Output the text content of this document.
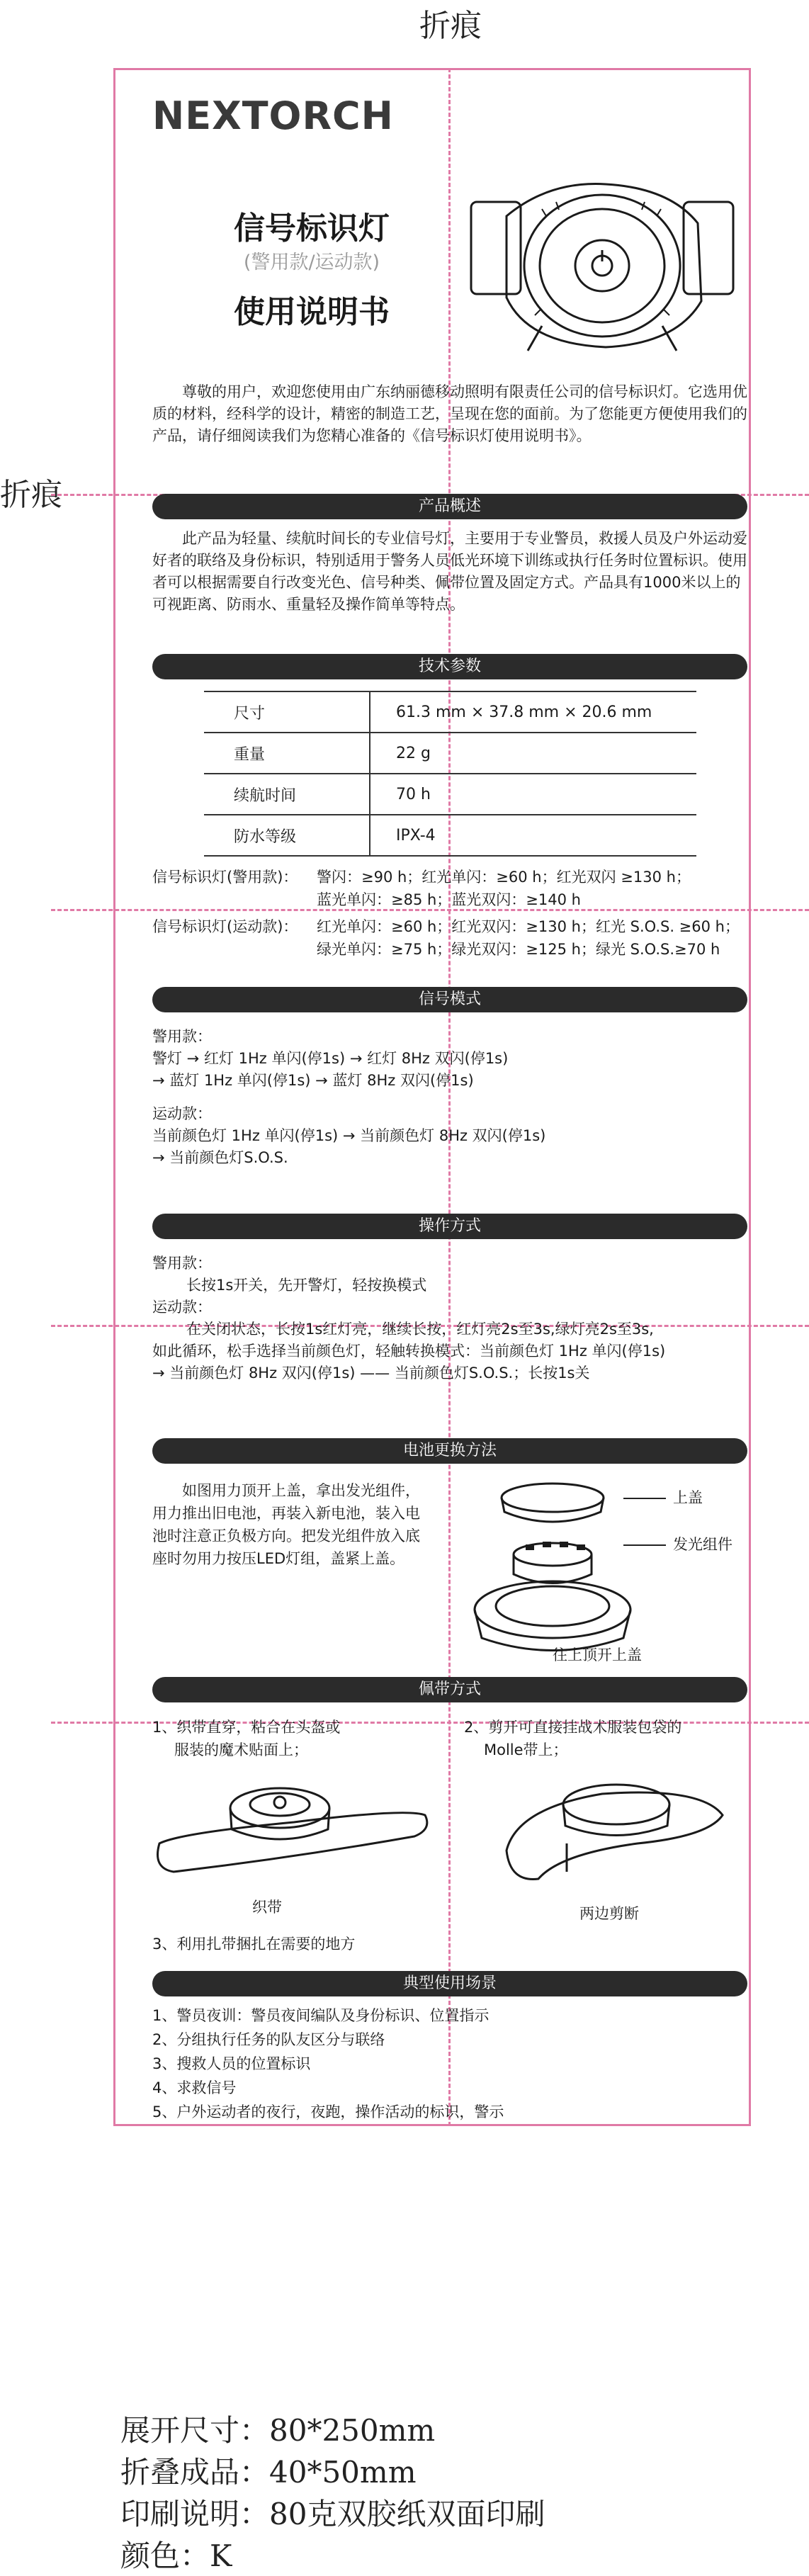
折痕
折痕
NEXTORCH
信号标识灯
(警用款/运动款)
使用说明书
尊敬的用户，欢迎您使用由广东纳丽德移动照明有限责任公司的信号标识灯。它选用优质的材料，经科学的设计，精密的制造工艺，呈现在您的面前。为了您能更方便使用我们的产品，请仔细阅读我们为您精心准备的《信号标识灯使用说明书》。
产品概述
此产品为轻量、续航时间长的专业信号灯，主要用于专业警员，救援人员及户外运动爱好者的联络及身份标识，特别适用于警务人员低光环境下训练或执行任务时位置标识。使用者可以根据需要自行改变光色、信号种类、佩带位置及固定方式。产品具有1000米以上的可视距离、防雨水、重量轻及操作简单等特点。
技术参数
尺寸	61.3 mm × 37.8 mm × 20.6 mm
重量	22 g
续航时间	70 h
防水等级	IPX-4
信号标识灯(警用款)： 警闪：≥90 h；红光单闪：≥60 h；红光双闪 ≥130 h；
蓝光单闪：≥85 h；蓝光双闪：≥140 h
信号标识灯(运动款)： 红光单闪：≥60 h；红光双闪：≥130 h；红光 S.O.S. ≥60 h；
绿光单闪：≥75 h；绿光双闪：≥125 h；绿光 S.O.S.≥70 h
信号模式

警用款：

警灯 → 红灯 1Hz 单闪(停1s) → 红灯 8Hz 双闪(停1s)

→ 蓝灯 1Hz 单闪(停1s) → 蓝灯 8Hz 双闪(停1s)

运动款：

当前颜色灯 1Hz 单闪(停1s) → 当前颜色灯 8Hz 双闪(停1s)

→ 当前颜色灯S.O.S.

操作方式

警用款：

长按1s开关，先开警灯，轻按换模式

运动款：

在关闭状态，长按1s红灯亮，继续长按，红灯亮2s至3s,绿灯亮2s至3s,

如此循环，松手选择当前颜色灯，轻触转换模式：当前颜色灯 1Hz 单闪(停1s)

→ 当前颜色灯 8Hz 双闪(停1s) —— 当前颜色灯S.O.S.；长按1s关

电池更换方法
如图用力顶开上盖，拿出发光组件，用力推出旧电池，再装入新电池，装入电池时注意正负极方向。把发光组件放入底座时勿用力按压LED灯组，盖紧上盖。
上盖
发光组件
往上顶开上盖
佩带方式
1、织带直穿，粘合在头盔或
服装的魔术贴面上；
2、剪开可直接挂战术服装包袋的
Molle带上；
织带	两边剪断
3、利用扎带捆扎在需要的地方
典型使用场景

1、警员夜训：警员夜间编队及身份标识、位置指示

2、分组执行任务的队友区分与联络

3、搜救人员的位置标识

4、求救信号

5、户外运动者的夜行，夜跑，操作活动的标识，警示

展开尺寸：80*250mm
折叠成品：40*50mm
印刷说明：80克双胶纸双面印刷
颜色：K
